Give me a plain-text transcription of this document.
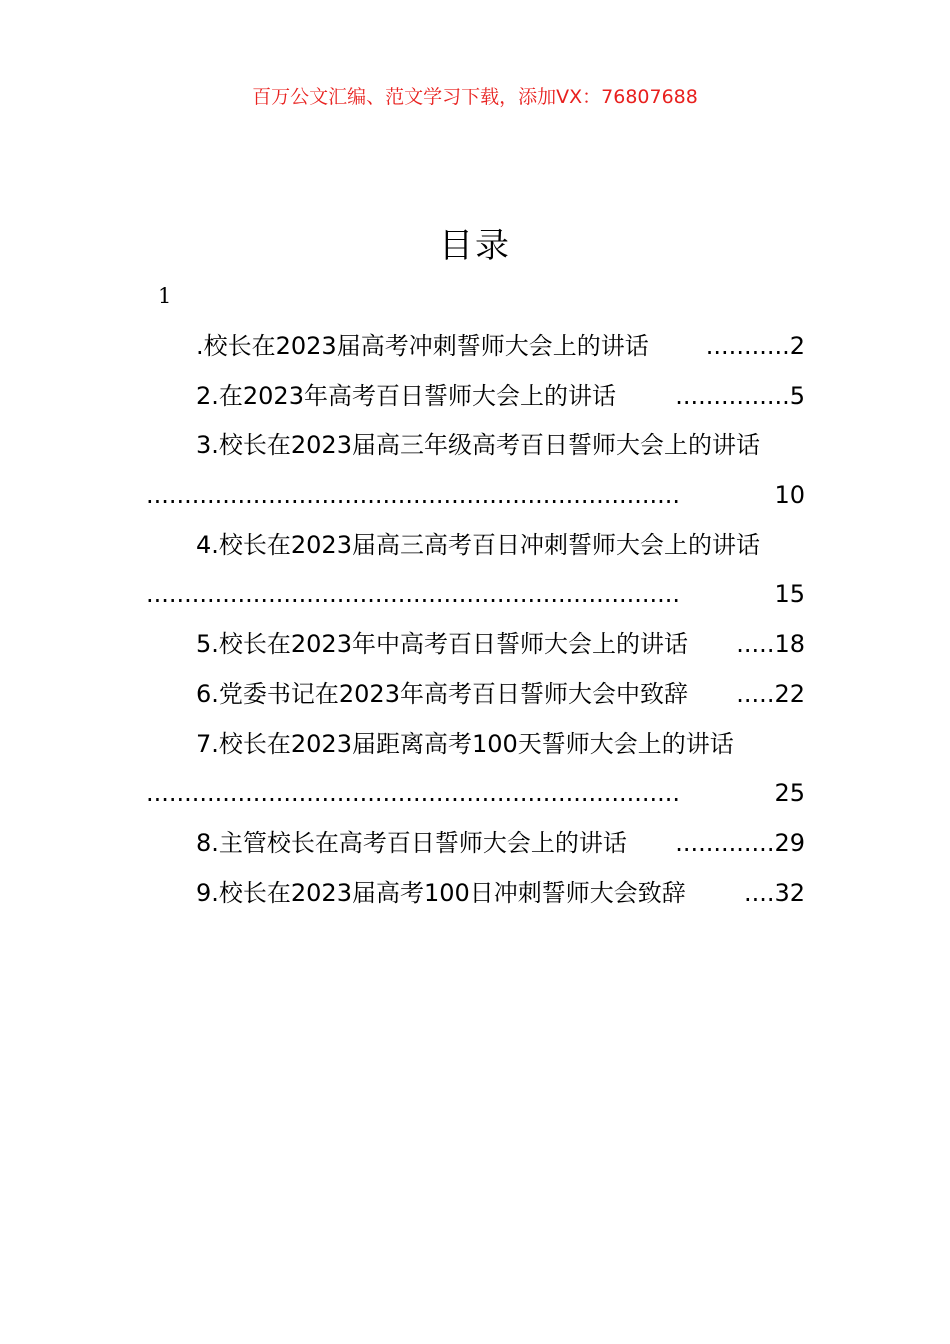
百万公文汇编、范文学习下载，添加VX：76807688
目录
1
.校长在2023届高考冲刺誓师大会上的讲话 ...........2
2.在2023年高考百日誓师大会上的讲话 ...............5
3.校长在2023届高三年级高考百日誓师大会上的讲话
......................................................................	10
4.校长在2023届高三高考百日冲刺誓师大会上的讲话
......................................................................	15
5.校长在2023年中高考百日誓师大会上的讲话 .....18
6.党委书记在2023年高考百日誓师大会中致辞 .....22
7.校长在2023届距离高考100天誓师大会上的讲话
......................................................................	25
8.主管校长在高考百日誓师大会上的讲话 .............29
9.校长在2023届高考100日冲刺誓师大会致辞 ....32
